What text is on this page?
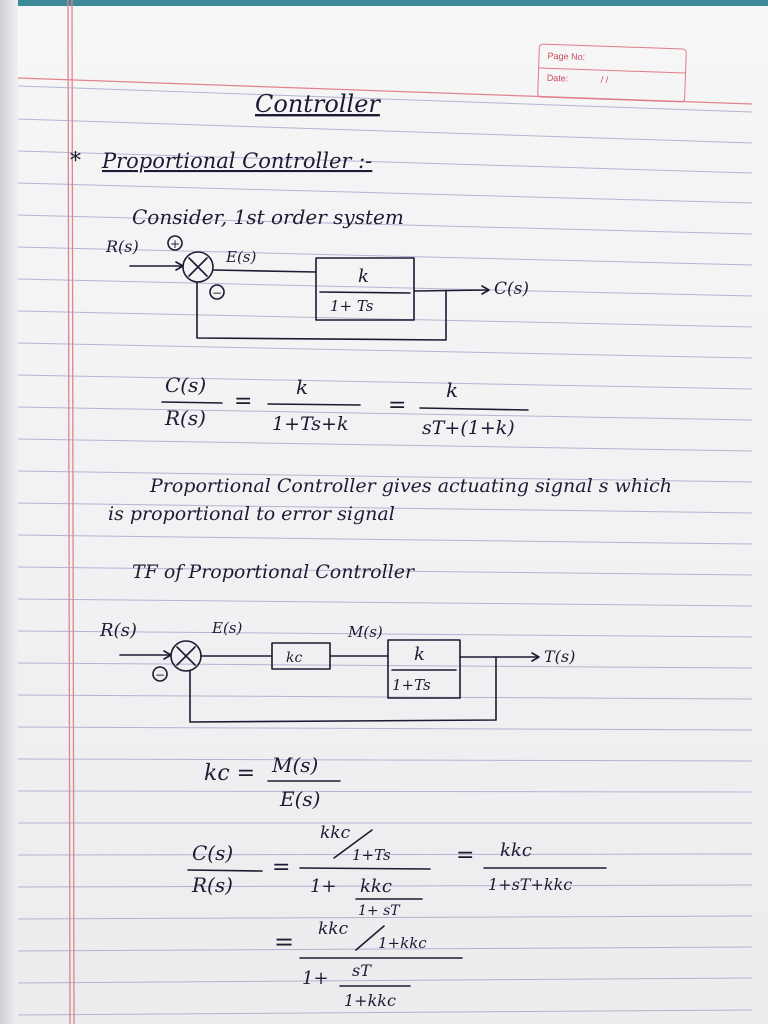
Page No:
Date:	/ /
Controller
* Proportional Controller :-
Consider, 1st order system
R(s)	+
E(s)
k
1+ Ts
C(s)
−
C(s)
R(s)
=
k
1+Ts+k
=
k
sT+(1+k)
Proportional Controller gives actuating signal s which
is proportional to error signal
TF of Proportional Controller
R(s)	E(s)	M(s)
−
kc	k
1+Ts
T(s)
kc = M(s)
E(s)
kkc
1+Ts
C(s)
R(s)
=
1+ kkc
1+ sT
= kkc
1+sT+kkc
= kkc
1+kkc
1+ sT
1+kkc
